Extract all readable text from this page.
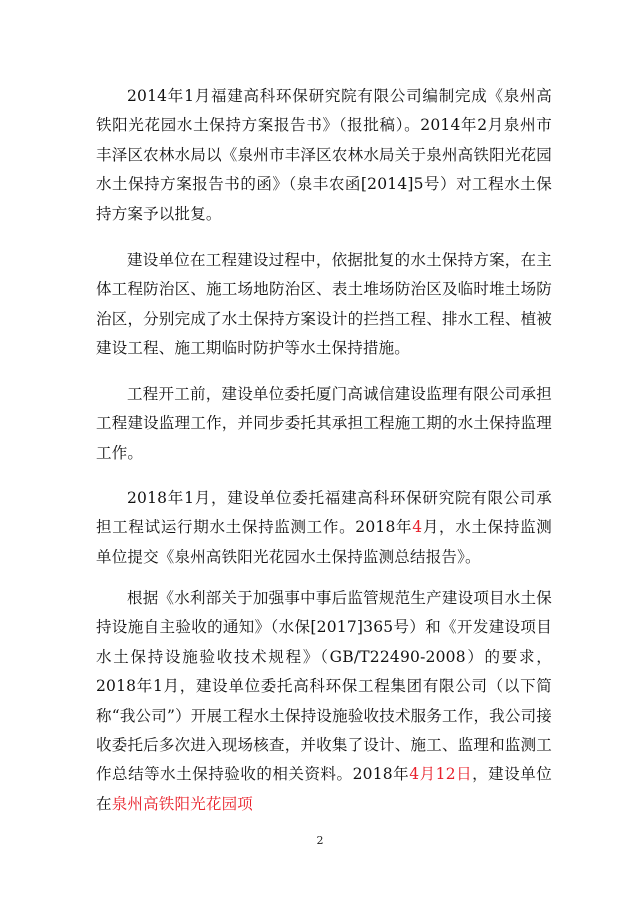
2014年1月福建高科环保研究院有限公司编制完成《泉州高铁阳光花园水土保持方案报告书》（报批稿）。2014年2月泉州市丰泽区农林水局以《泉州市丰泽区农林水局关于泉州高铁阳光花园水土保持方案报告书的函》（泉丰农函[2014]5号）对工程水土保持方案予以批复。

建设单位在工程建设过程中，依据批复的水土保持方案，在主体工程防治区、施工场地防治区、表土堆场防治区及临时堆土场防治区，分别完成了水土保持方案设计的拦挡工程、排水工程、植被建设工程、施工期临时防护等水土保持措施。

工程开工前，建设单位委托厦门高诚信建设监理有限公司承担工程建设监理工作，并同步委托其承担工程施工期的水土保持监理工作。

2018年1月，建设单位委托福建高科环保研究院有限公司承担工程试运行期水土保持监测工作。2018年4月，水土保持监测单位提交《泉州高铁阳光花园水土保持监测总结报告》。

根据《水利部关于加强事中事后监管规范生产建设项目水土保持设施自主验收的通知》（水保[2017]365号）和《开发建设项目水土保持设施验收技术规程》（GB/T22490-2008）的要求，2018年1月，建设单位委托高科环保工程集团有限公司（以下简称“我公司”）开展工程水土保持设施验收技术服务工作，我公司接收委托后多次进入现场核查，并收集了设计、施工、监理和监测工作总结等水土保持验收的相关资料。2018年4月12日，建设单位在泉州高铁阳光花园项

2
